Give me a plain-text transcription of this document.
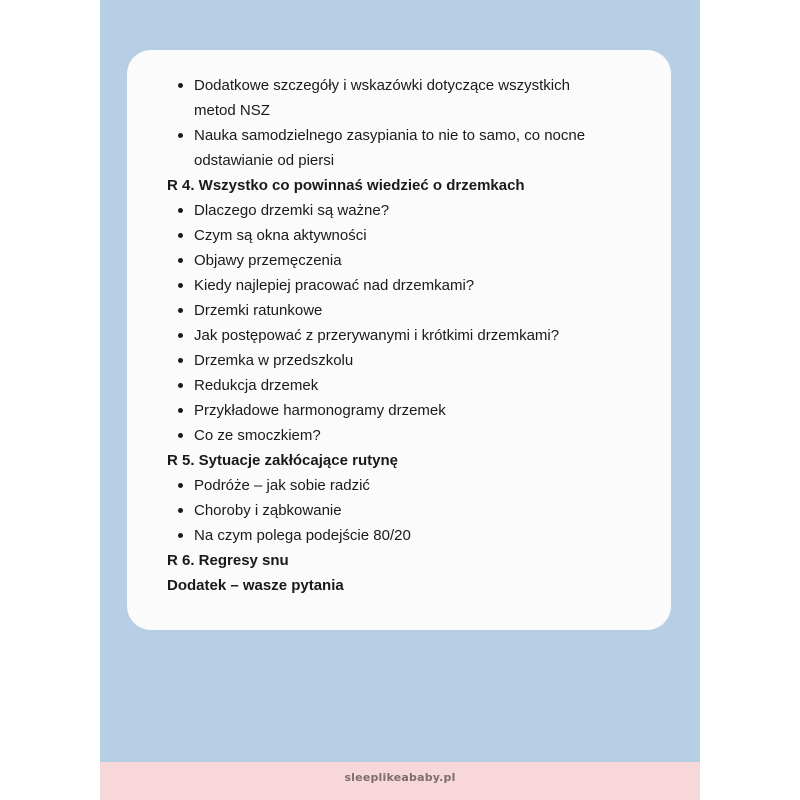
Dodatkowe szczegóły i wskazówki dotyczące wszystkich metod NSZ
Nauka samodzielnego zasypiania to nie to samo, co nocne odstawianie od piersi
R 4. Wszystko co powinnaś wiedzieć o drzemkach
Dlaczego drzemki są ważne?
Czym są okna aktywności
Objawy przemęczenia
Kiedy najlepiej pracować nad drzemkami?
Drzemki ratunkowe
Jak postępować z przerywanymi i krótkimi drzemkami?
Drzemka w przedszkolu
Redukcja drzemek
Przykładowe harmonogramy drzemek
Co ze smoczkiem?
R 5. Sytuacje zakłócające rutynę
Podróże – jak sobie radzić
Choroby i ząbkowanie
Na czym polega podejście 80/20
R 6. Regresy snu
Dodatek – wasze pytania
sleeplikeababy.pl
